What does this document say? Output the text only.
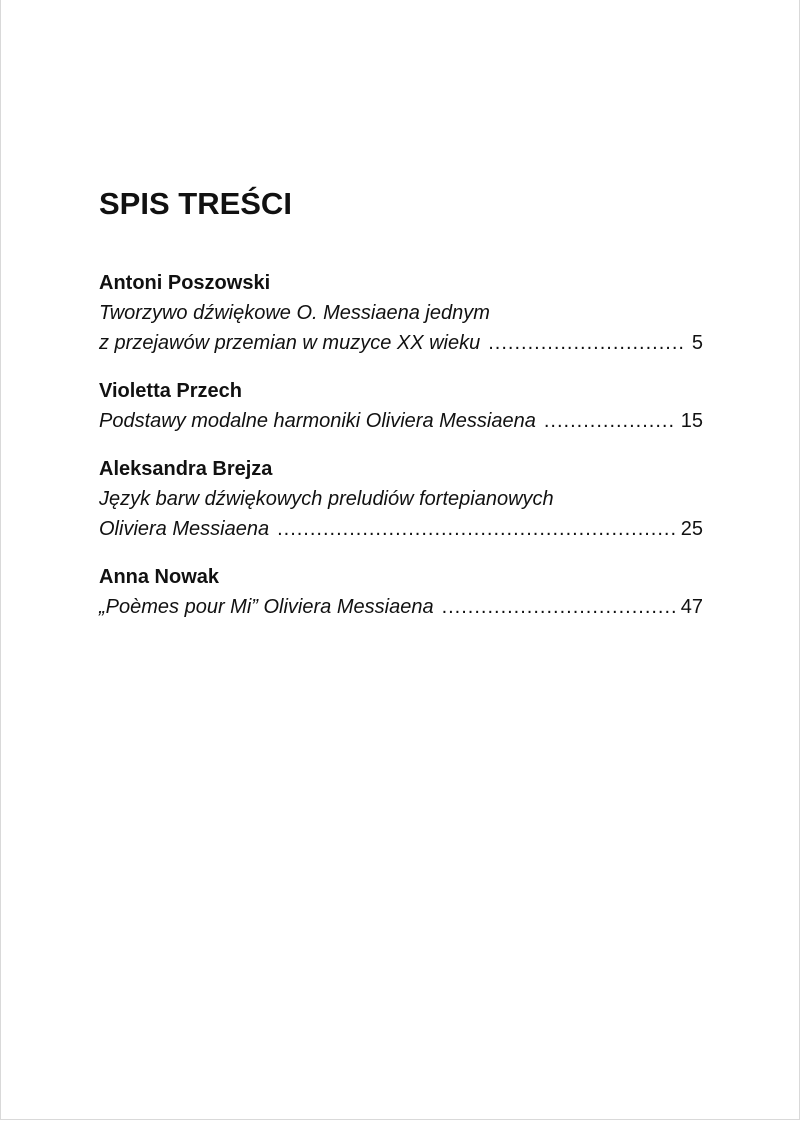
SPIS TREŚCI
Antoni Poszowski
Tworzywo dźwiękowe O. Messiaena jednym
z przejawów przemian w muzyce XX wieku .....	5
Violetta Przech
Podstawy modalne harmoniki Oliviera Messiaena .....	15
Aleksandra Brejza
Język barw dźwiękowych preludiów fortepianowych
Oliviera Messiaena .....	25
Anna Nowak
„Poèmes pour Mi” Oliviera Messiaena .....	47
